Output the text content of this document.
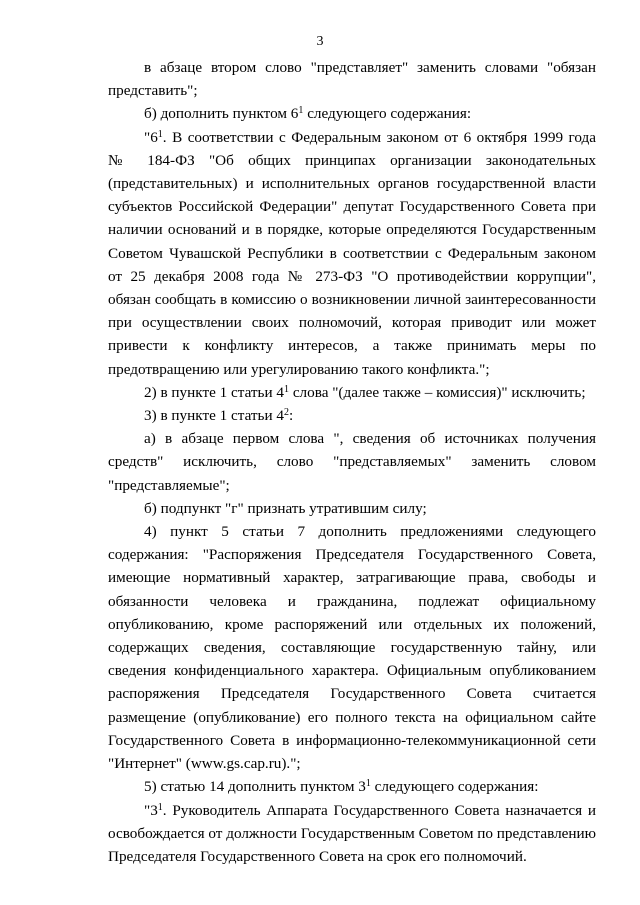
3

в абзаце втором слово "представляет" заменить словами "обязан представить";

б) дополнить пунктом $6^1$ следующего содержания:

"$6^1$. В соответствии с Федеральным законом от 6 октября 1999 года № 184-ФЗ "Об общих принципах организации законодательных (представительных) и исполнительных органов государственной власти субъектов Российской Федерации" депутат Государственного Совета при наличии оснований и в порядке, которые определяются Государственным Советом Чувашской Республики в соответствии с Федеральным законом от 25 декабря 2008 года № 273-ФЗ "О противодействии коррупции", обязан сообщать в комиссию о возникновении личной заинтересованности при осуществлении своих полномочий, которая приводит или может привести к конфликту интересов, а также принимать меры по предотвращению или урегулированию такого конфликта.";

2) в пункте 1 статьи $4^1$ слова "(далее также – комиссия)" исключить;

3) в пункте 1 статьи $4^2$:

а) в абзаце первом слова ", сведения об источниках получения средств" исключить, слово "представляемых" заменить словом "представляемые";

б) подпункт "г" признать утратившим силу;

4) пункт 5 статьи 7 дополнить предложениями следующего содержания: "Распоряжения Председателя Государственного Совета, имеющие нормативный характер, затрагивающие права, свободы и обязанности человека и гражданина, подлежат официальному опубликованию, кроме распоряжений или отдельных их положений, содержащих сведения, составляющие государственную тайну, или сведения конфиденциального характера. Официальным опубликованием распоряжения Председателя Государственного Совета считается размещение (опубликование) его полного текста на официальном сайте Государственного Совета в информационно-телекоммуникационной сети "Интернет" (www.gs.cap.ru).";

5) статью 14 дополнить пунктом $3^1$ следующего содержания:

"$3^1$. Руководитель Аппарата Государственного Совета назначается и освобождается от должности Государственным Советом по представлению Председателя Государственного Совета на срок его полномочий.
